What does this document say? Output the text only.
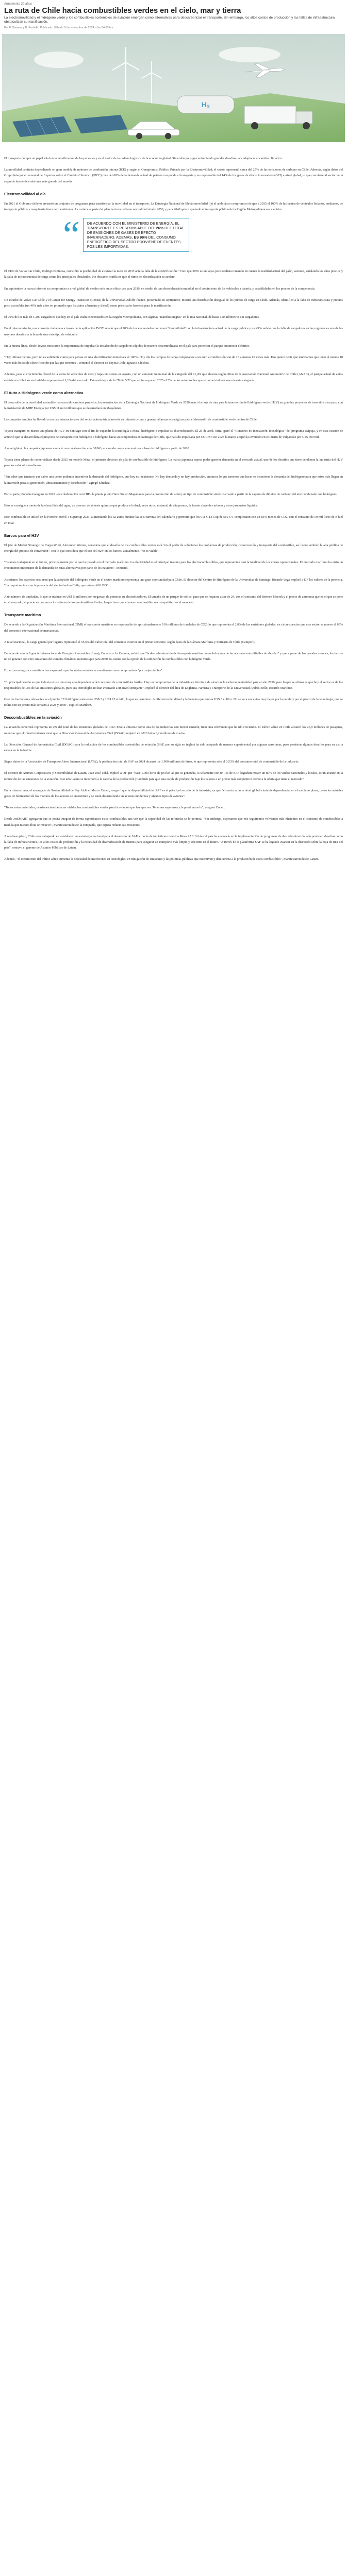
Armamento 30 años
La ruta de Chile hacia combustibles verdes en el cielo, mar y tierra
La electromovilidad y el hidrógeno verde y los combustibles sostenibles de aviación emergen como alternativas para descarbonizar el transporte. Sin embargo, los altos costos de producción y las fallas de infraestructura obstaculizan su masificación.
Por F. Stevens y B. Ilsabelli | Publicado: Sábado 9 de noviembre de 2024 a las 04:00 hrs.
H₂

El transporte cumple un papel vital en la movilización de las personas y es el motor de la cadena logística de la economía global. Sin embargo, sigue enfrentando grandes desafíos para adaptarse al cambio climático.

La movilidad continúa dependiendo en gran medida de motores de combustión interna (ICE) y según el Compromiso Público Privado por la Electromovilidad, el sector representó cerca del 25% de las emisiones de carbono en Chile. Además, según datos del Grupo Intergubernamental de Expertos sobre el Cambio Climático (IPCC) más del 60% de la demanda actual de petróleo responde al transporte y es responsable del 14% de los gases de efecto invernadero (GEI) a nivel global, lo que convierte al sector en la segunda fuente de emisiones más grande del mundo.

Electromovilidad al día

En 2021 el Gobierno chileno presentó un conjunto de programas para transformar la movilidad en el transporte. La Estrategia Nacional de Electromovilidad fijó el ambicioso compromiso de que a 2035 el 100% de las ventas de vehículos livianos, medianos, de transporte público y maquinaria fuera cero emisiones. La cartera es parte del plan hacia la carbono neutralidad al año 2050, y para 2040 quiere que todo el transporte público de la Región Metropolitana sea eléctrico.

“	DE ACUERDO CON EL MINISTERIO DE ENERGÍA, EL TRANSPORTE ES RESPONSABLE DEL 26% DEL TOTAL DE EMISIONES DE GASES DE EFECTO INVERNADERO. ADEMÁS, ES 99% DEL CONSUMO ENERGÉTICO DEL SECTOR PROVIENE DE FUENTES FÓSILES IMPORTADAS.

El CEO de Volvo Car Chile, Rodrigo Espinosa, coincidió la posibilidad de alcanzar la meta de 2035 ante la falta de la electrificación. "Creo que 2035 es un lapso poco realista tomando en cuenta la realidad actual del país", sostuvo, señalando los altos precios y la falta de infraestructura de carga como los principales obstáculos. No obstante, confía en que el ritmo de electrificación se acelere.

En septiembre la marca informó su compromiso a nivel global de vender solo autos eléctricos para 2030, en medio de una desaceleración mundial en el crecimiento de los vehículos a batería, y estabilidades en los precios de la competencia.

Un estudio de Volvo Car Chile y el Center for Energy Transition (Centra) de la Universidad Adolfo Ibáñez, presentado en septiembre, mostró una distribución desigual de los puntos de carga en Chile. Además, identificó a la falta de infraestructura y precios poco accesibles (un 46% más altos en promedio que los autos a bencina y diésel) como principales barreras para la masificación.

El 70% de los más de 1.200 cargadores que hay en el país están concentrados en la Región Metropolitana, con algunas "manchas negras" en la ruta nacional, de hasta 150 kilómetros sin cargadores.

En el mismo estudio, una consulta ciudadana a través de la aplicación IVOY reveló que el 70% de los encuestados no tienen "tranquilidad" con la infraestructura actual de la carga pública y un 45% señaló que la falta de cargadores en las regiones es una de las mayores desafíos a la hora de usar este tipo de vehículos.

En la misma línea, desde Toyota mostraron la importancia de impulsar la instalación de cargadores rápidos de manera descentralizada en el país para potenciar el parque automotor eléctrico.

"Hay infraestructura, pero no es suficiente como para pensar en una electrificación inmediata al 100%. Hoy día los tiempos de carga comparados a un auto a combustión son de 10 a menos 10 veces más. Eso quiere decir que tendríamos que tener al menos 10 veces más bocas de electrificación que las que tenemos", comentó el director de Toyota Chile, Ignacio Sánchez.

Además, pese al crecimiento récord de la venta de vehículos de cero y bajas emisiones en agosto, con un aumento interanual de la categoría del 91,4% que alcanza según cifras de la Asociación Nacional Automotriz de Chile (ANAC), el parque actual de autos eléctricos e híbridos enchufables representa el 1,1% del mercado. Esto está lejos de la "Meta 5/5" que aspira a que en 2025 el 5% de los automóviles que se comercializan sean de esta categoría.

El Auto a Hidrógeno verde como alternativa

El desarrollo de la movilidad sostenible ha recorrido caminos paralelos; la presentación de la Estrategia Nacional de Hidrógeno Verde en 2020 marcó la hoja de ruta para la innovación del hidrógeno verde (H2V) en grandes proyectos de inversión a un país, con la instalación de MHP Energía por US$ 11 mil millones que se desarrollará en Magallanes.

La compañía también ha llevado a marcas internacionales del sector automotriz a invertir en infraestructura y generar alianzas estratégicas para el desarrollo de combustible verde dentro de Chile.

Toyota inauguró en marzo una planta de H2V en Santiago con el fin de expandir la tecnología a Mirai, hidrógeno e impulsar su diversificación. El 25 de abril, Mirai ganó el "Concurso de Innovación Tecnológica" del programa eMpuja, y en esta ocasión se anunció que se desarrollará el proyecto de transporte con hidrógeno e hidrógeno hacia su competidora en Santiago de Chile, que ha sido impulsada por CORFO. En 2023 la marca aceptó la inversión en el Puerto de Valparaíso por US$ 700 mil.

A nivel global, la compañía japonesa anunció una colaboración con BMW para vender autos con motores a base de hidrógeno a partir de 2028.

Toyota tiene planes de comercializar desde 2025 su modelo Mirai, el primero eléctrico de pila de combustible de hidrógeno. La marca japonesa espera poder generar demanda en el mercado actual, uno de los desafíos que tiene pendiente la industria del H2V para los vehículos medianos.

"Sin saber que tenemos que saber una cómo podemos incentivar la demanda del hidrógeno, que hoy es inexistente. No hay demanda y no hay producción, entonces lo que tenemos que hacer es incentivar la demanda del hidrógeno para que estos más llegan en la inversión para su generación, almacenamiento y distribución", agregó Sánchez.

Por su parte, Porsche inauguró en 2022 –en colaboración con HIF– la planta piloto Haru Oni en Magallanes para la producción de e-fuel, un tipo de combustible sintético creado a partir de la captura de dióxido de carbono del aire combinado con hidrógeno.

Esto se consigue a través de la electrólisis del agua, un proceso de síntesis químico que produce el e-fuel, entre otros, metanol, de alta pureza, la fuente clave de carbono y otros productos líquidos.

Este combustible se utilizó en la Porsche Mobil 1 Supercup 2023, alimentando los 32 autos durante las seis carreras del calendario y permitió que los 911 GT3 Cup de 510 CV completaran con un 85% menos de CO2, con el consumo de 50 mil litros de e-fuel en total.

Barcos para el H2V

El jefe de Market Strategic de Cargo Wind, Alexander Werner, considera que el desafío de los combustibles verdes está "en el poder de solucionar los problemas de producción, conservación y transporte del combustible, así como también la alta pérdida de energía del proceso de conversión", con lo que considera que el uso del H2V en los barcos, actualmente, "no es viable".

"Estamos trabajando en el futuro, principalmente por lo que he pasado en el mercado marítimo. La electricidad es el principal insumo para los electrocombustibles, que representan casi la totalidad de los costos operacionales. El mercado marítimo ha visto un crecimiento importante de la demanda de estas alternativas por parte de los navieros", comentó.

Asimismo, los expertos sostienen que la adopción del hidrógeno verde en el sector marítimo representa una gran oportunidad para Chile. El director del Centro de Hidrógeno de la Universidad de Santiago, Ricardo Vega, explicó a DF los valores de la potencia. "La importancia es ser la potencia del electrofuel en Chile, que está en 60 USD".

A un número de toneladas, lo que se traduce en US$ 5 millones por megawatt de potencia en electrolizadores. El tamaño de un parque de eólico, para que se requiera a ser de 24, con el consumo del Bremen Maersk y el precio de ammonia que en el que se pone en el mercado, el precio es cercano a los valores de los combustibles fósiles, lo que hace que el nuevo combustible sea competitivo en el mercado.

Transporte marítimo

De acuerdo a la Organización Marítima Internacional (OMI) el transporte marítimo es responsable de aproximadamente 910 millones de toneladas de CO2, lo que representa el 2,8% de las emisiones globales, en circunstancias que este sector se mueve el 80% del comercio internacional de mercancías.

A nivel nacional, la carga general por lugares representó el 55,6% del valor total del comercio exterior en el primer semestre, según datos de la Cámara Marítima y Portuaria de Chile (Camport).

De acuerdo con la Agencia Internacional de Energías Renovables (Irena), Francisco La Camera, señaló que "la descarbonización del transporte marítimo mundial es una de las acciones más difíciles de abordar" y que a pesar de los grandes avances, los barcos no se generan con cero emisiones del cambio climático, mientras que para 2050 no cuenta con la opción de la utilización de combustibles con hidrógeno verde.

Expertos en logística marítima han expresado que las metas actuales se mantienen como compromisos "poco ejecutables".

"El principal desafío es que todavía existe una muy alta dependencia del consumo de combustibles fósiles. Hay un compromiso de la industria en términos de alcanzar la carbono neutralidad para el año 2050, pero lo que se afirma es que hoy el sector es de los responsables del 3% de las emisiones globales, pues sus tecnologías no han avanzado a un nivel semejante", explicó el director del área de Logística, Naviera y Transporte de la Universidad Andrés Bello, Ricardo Martínez.

Otro de los factores relevantes es el precio. "El hidrógeno está entre US$ 3 y US$ 15 el kilo, lo que es cuantioso. A diferencia del diésel y la bencina que cuesta US$ 3 el litro. No se ve a sus autos muy bajos por la escala y por el precio de la tecnología, que se reúne con un precio más cercano a 2028 y 2030", explicó Martínez.

Descombustibles en la aviación

La aviación comercial representa un 2% del total de las emisiones globales de CO2. Pese a ubicarse como una de las industrias con menor emisión, tiene una relevancia que ha ido creciendo. El tráfico aéreo en Chile alcanzó los 26,9 millones de pasajeros, mientras que el tránsito internacional que la Dirección General de Aeronáutica Civil (DGAC) registró en 2023 hubo 6,2 millones de vuelos.

La Dirección General de Aeronáutica Civil (DGAC) para la reducción de los combustibles sostenibles de aviación (SAF, por su sigla en inglés) ha sido adoptada de manera experimental por algunas aerolíneas, pero persisten algunos desafíos para su uso a escala en la industria.

Según datos de la Asociación de Transporte Aéreo Internacional (IATA), la producción total de SAF en 2024 alcanzó los 1.900 millones de litros, lo que representa sólo el 0,53% del consumo total de combustible de la industria.

El director de Asuntos Corporativos y Sostenibilidad de Latam, Juan José Tohá, explicó a DF que "hace 1.000 litros de jet fuel al que se generaba, si solamente con un 1% de SAF lograban mover un 80% de los vuelos nacionales y locales, es un avance en la reducción de las emisiones de la aviación. Este año Latam se incorporó a la cadena de la producción y también para que esta escala de producción baje los valores a un precio más competitivo frente a la oferta que tiene el mercado".

En la misma línea, el encargado de Sostenibilidad de Sky Airline, Marco Cuneo, aseguró que la disponibilidad del SAF es el principal escollo de la industria, ya que "el sector atrae a nivel global cierta de dependencia, en el mediano plazo, como los actuales gases de fabricación de los motores de los aviones se encuentran y se están desarrollando en aviones modernos y algunos tipos de aviones".

"Todos estos materiales, ocasiones tendrán a ser viables los combustibles verdes para la aviación que hay que ver. Tenemos esperanza y le pondremos fe", aseguró Cuneo.

Desde JetSMART agregaron que se podrá integrar de forma significativa estos combustibles una vez que la capacidad de las refinerías se lo permita. "Sin embargo, esperamos que nos seguiremos volviendo más eficientes en el consumo de combustibles a medida que nuestra flota se renueve", manifestaron desde la compañía, que espera reducir sus emisiones.

A mediano plazo, Chile está trabajando en establecer una estrategia nacional para el desarrollo de SAF a través de iniciativas como La Mesa SAF. Si bien el país ha avanzado en la implementación de programas de descarbonización, aún persisten desafíos como la falta de infraestructura, los altos costos de producción y la necesidad de diversificación de fuentes para asegurar un transporte más limpio y eficiente en el futuro. "A través de la plataforma SAF se ha logrado avanzar en la discusión sobre la hoja de ruta del país", sostuvo el gerente de Asuntos Públicos de Latam.

Además, "el crecimiento del tráfico aéreo aumenta la necesidad de inversiones en tecnologías, en mitigación de emisiones y las políticas públicas que incentiven y den certeza a la producción de estos combustibles", manifestaron desde Latam.
